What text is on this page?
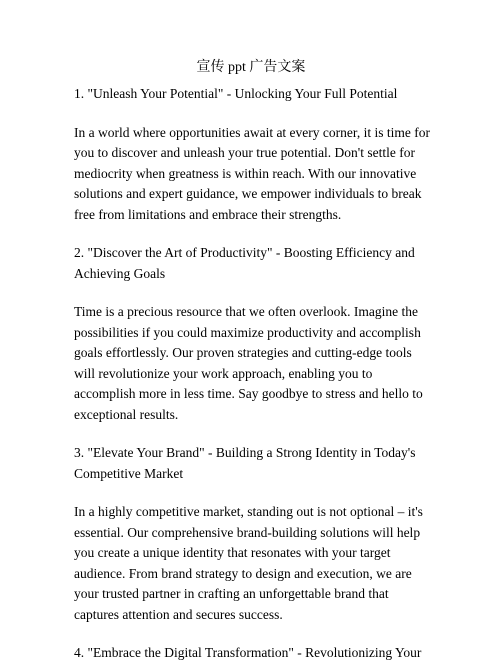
宣传 ppt 广告文案

1. "Unleash Your Potential" - Unlocking Your Full Potential

In a world where opportunities await at every corner, it is time for you to discover and unleash your true potential. Don't settle for mediocrity when greatness is within reach. With our innovative solutions and expert guidance, we empower individuals to break free from limitations and embrace their strengths.

2. "Discover the Art of Productivity" - Boosting Efficiency and Achieving Goals

Time is a precious resource that we often overlook. Imagine the possibilities if you could maximize productivity and accomplish goals effortlessly. Our proven strategies and cutting-edge tools will revolutionize your work approach, enabling you to accomplish more in less time. Say goodbye to stress and hello to exceptional results.

3. "Elevate Your Brand" - Building a Strong Identity in Today's Competitive Market

In a highly competitive market, standing out is not optional – it's essential. Our comprehensive brand-building solutions will help you create a unique identity that resonates with your target audience. From brand strategy to design and execution, we are your trusted partner in crafting an unforgettable brand that captures attention and secures success.

4. "Embrace the Digital Transformation" - Revolutionizing Your
